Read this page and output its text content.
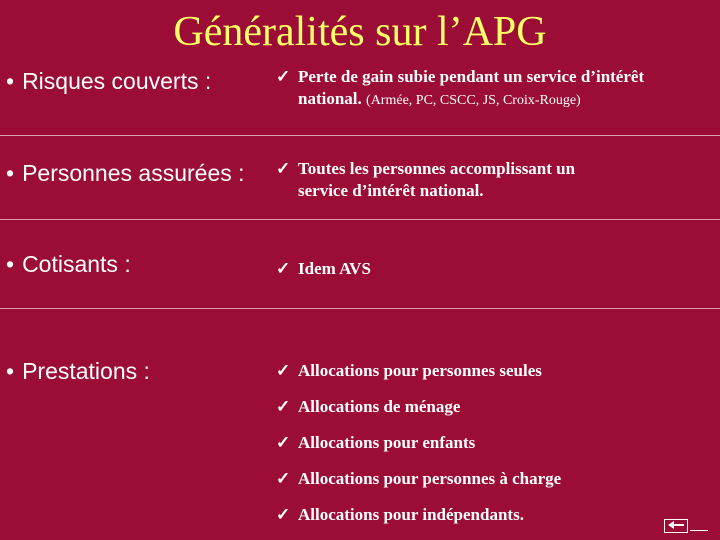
Généralités sur l’APG
• Risques couverts :	✓ Perte de gain subie pendant un service d’intérêt
national. (Armée, PC, CSCC, JS, Croix-Rouge)
• Personnes assurées : ✓ Toutes les personnes accomplissant un
service d’intérêt national.
• Cotisants :	✓ Idem AVS
• Prestations :	✓ Allocations pour personnes seules
✓ Allocations de ménage
✓ Allocations pour enfants
✓ Allocations pour personnes à charge
✓ Allocations pour indépendants.
